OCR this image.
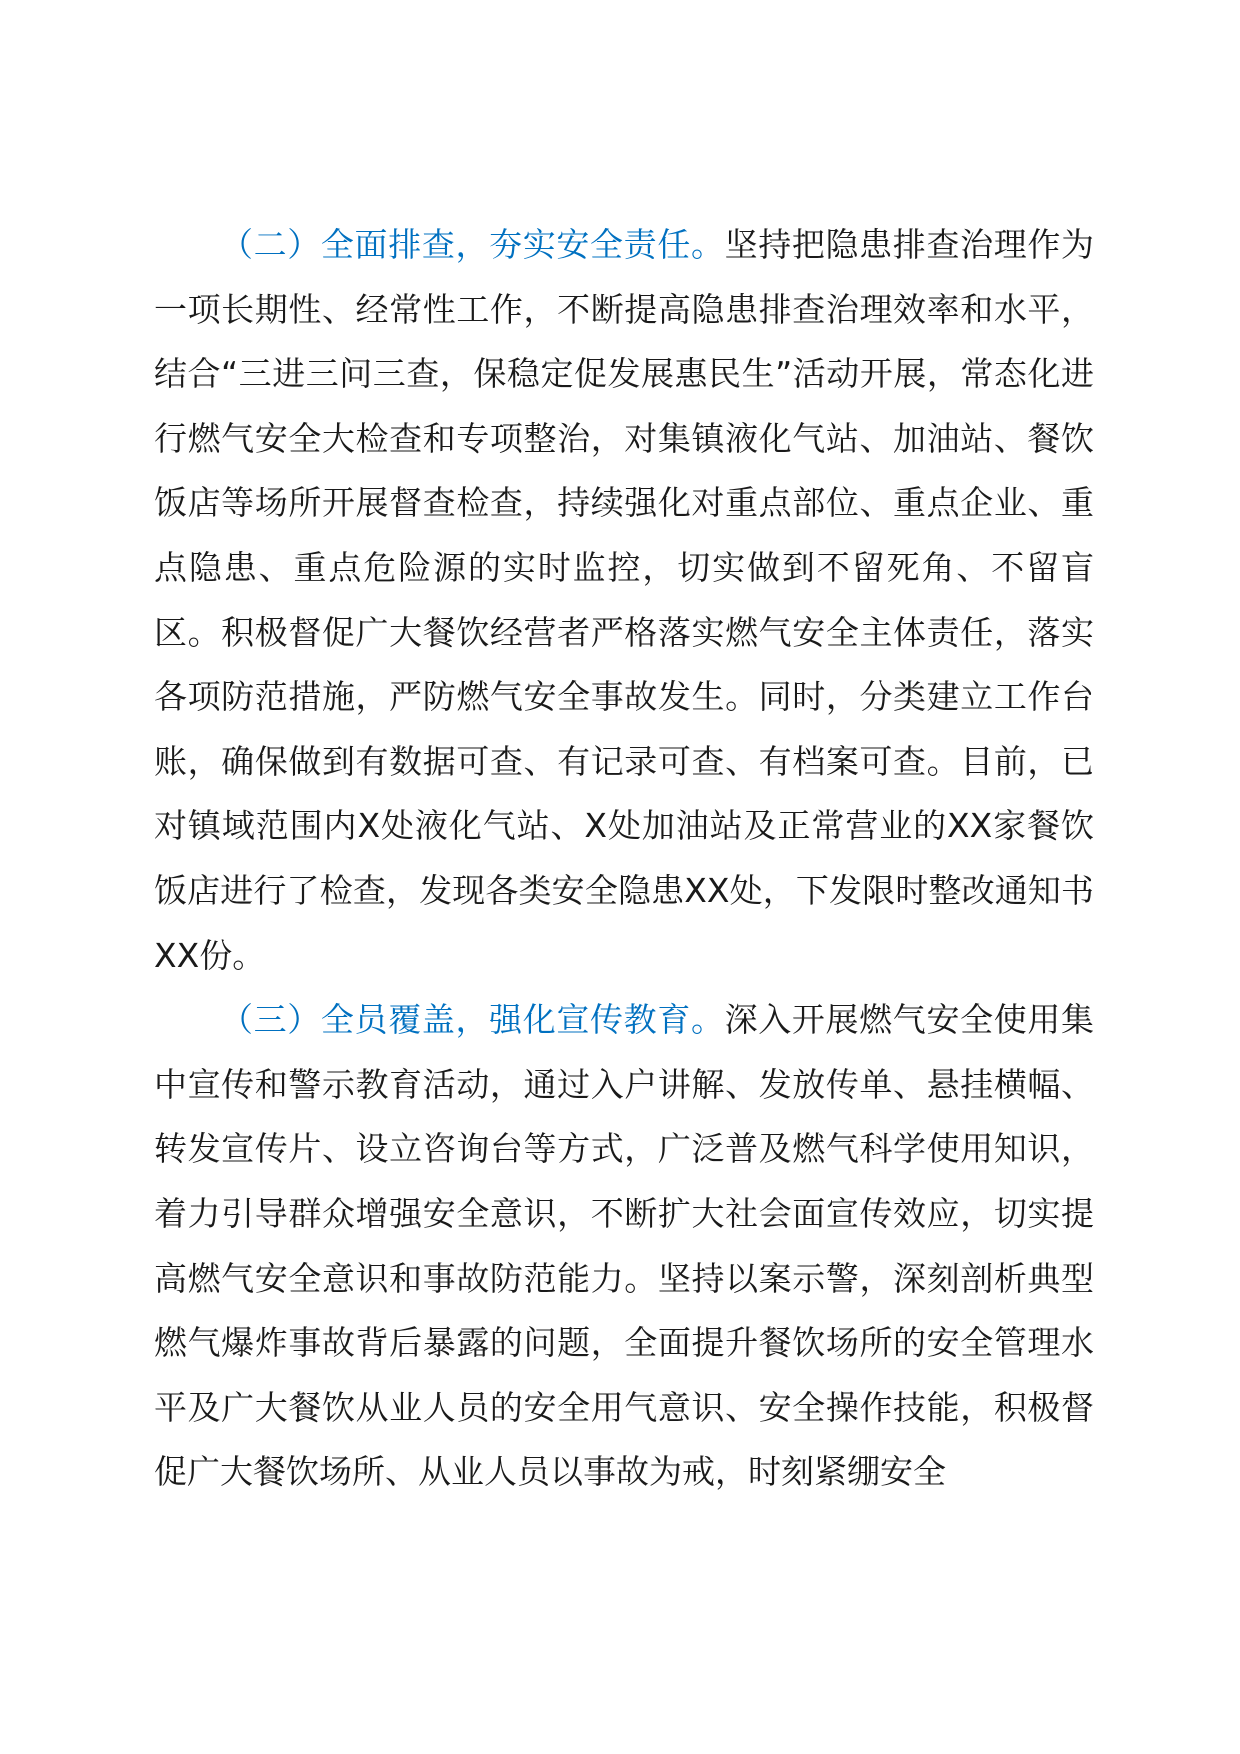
（二）全面排查，夯实安全责任。坚持把隐患排查治理作为一项长期性、经常性工作，不断提高隐患排查治理效率和水平，结合“三进三问三查，保稳定促发展惠民生”活动开展，常态化进行燃气安全大检查和专项整治，对集镇液化气站、加油站、餐饮饭店等场所开展督查检查，持续强化对重点部位、重点企业、重点隐患、重点危险源的实时监控，切实做到不留死角、不留盲区。积极督促广大餐饮经营者严格落实燃气安全主体责任，落实各项防范措施，严防燃气安全事故发生。同时，分类建立工作台账，确保做到有数据可查、有记录可查、有档案可查。目前，已对镇域范围内X处液化气站、X处加油站及正常营业的XX家餐饮饭店进行了检查，发现各类安全隐患XX处，下发限时整改通知书XX份。

（三）全员覆盖，强化宣传教育。深入开展燃气安全使用集中宣传和警示教育活动，通过入户讲解、发放传单、悬挂横幅、转发宣传片、设立咨询台等方式，广泛普及燃气科学使用知识，着力引导群众增强安全意识，不断扩大社会面宣传效应，切实提高燃气安全意识和事故防范能力。坚持以案示警，深刻剖析典型燃气爆炸事故背后暴露的问题，全面提升餐饮场所的安全管理水平及广大餐饮从业人员的安全用气意识、安全操作技能，积极督促广大餐饮场所、从业人员以事故为戒，时刻紧绷安全
